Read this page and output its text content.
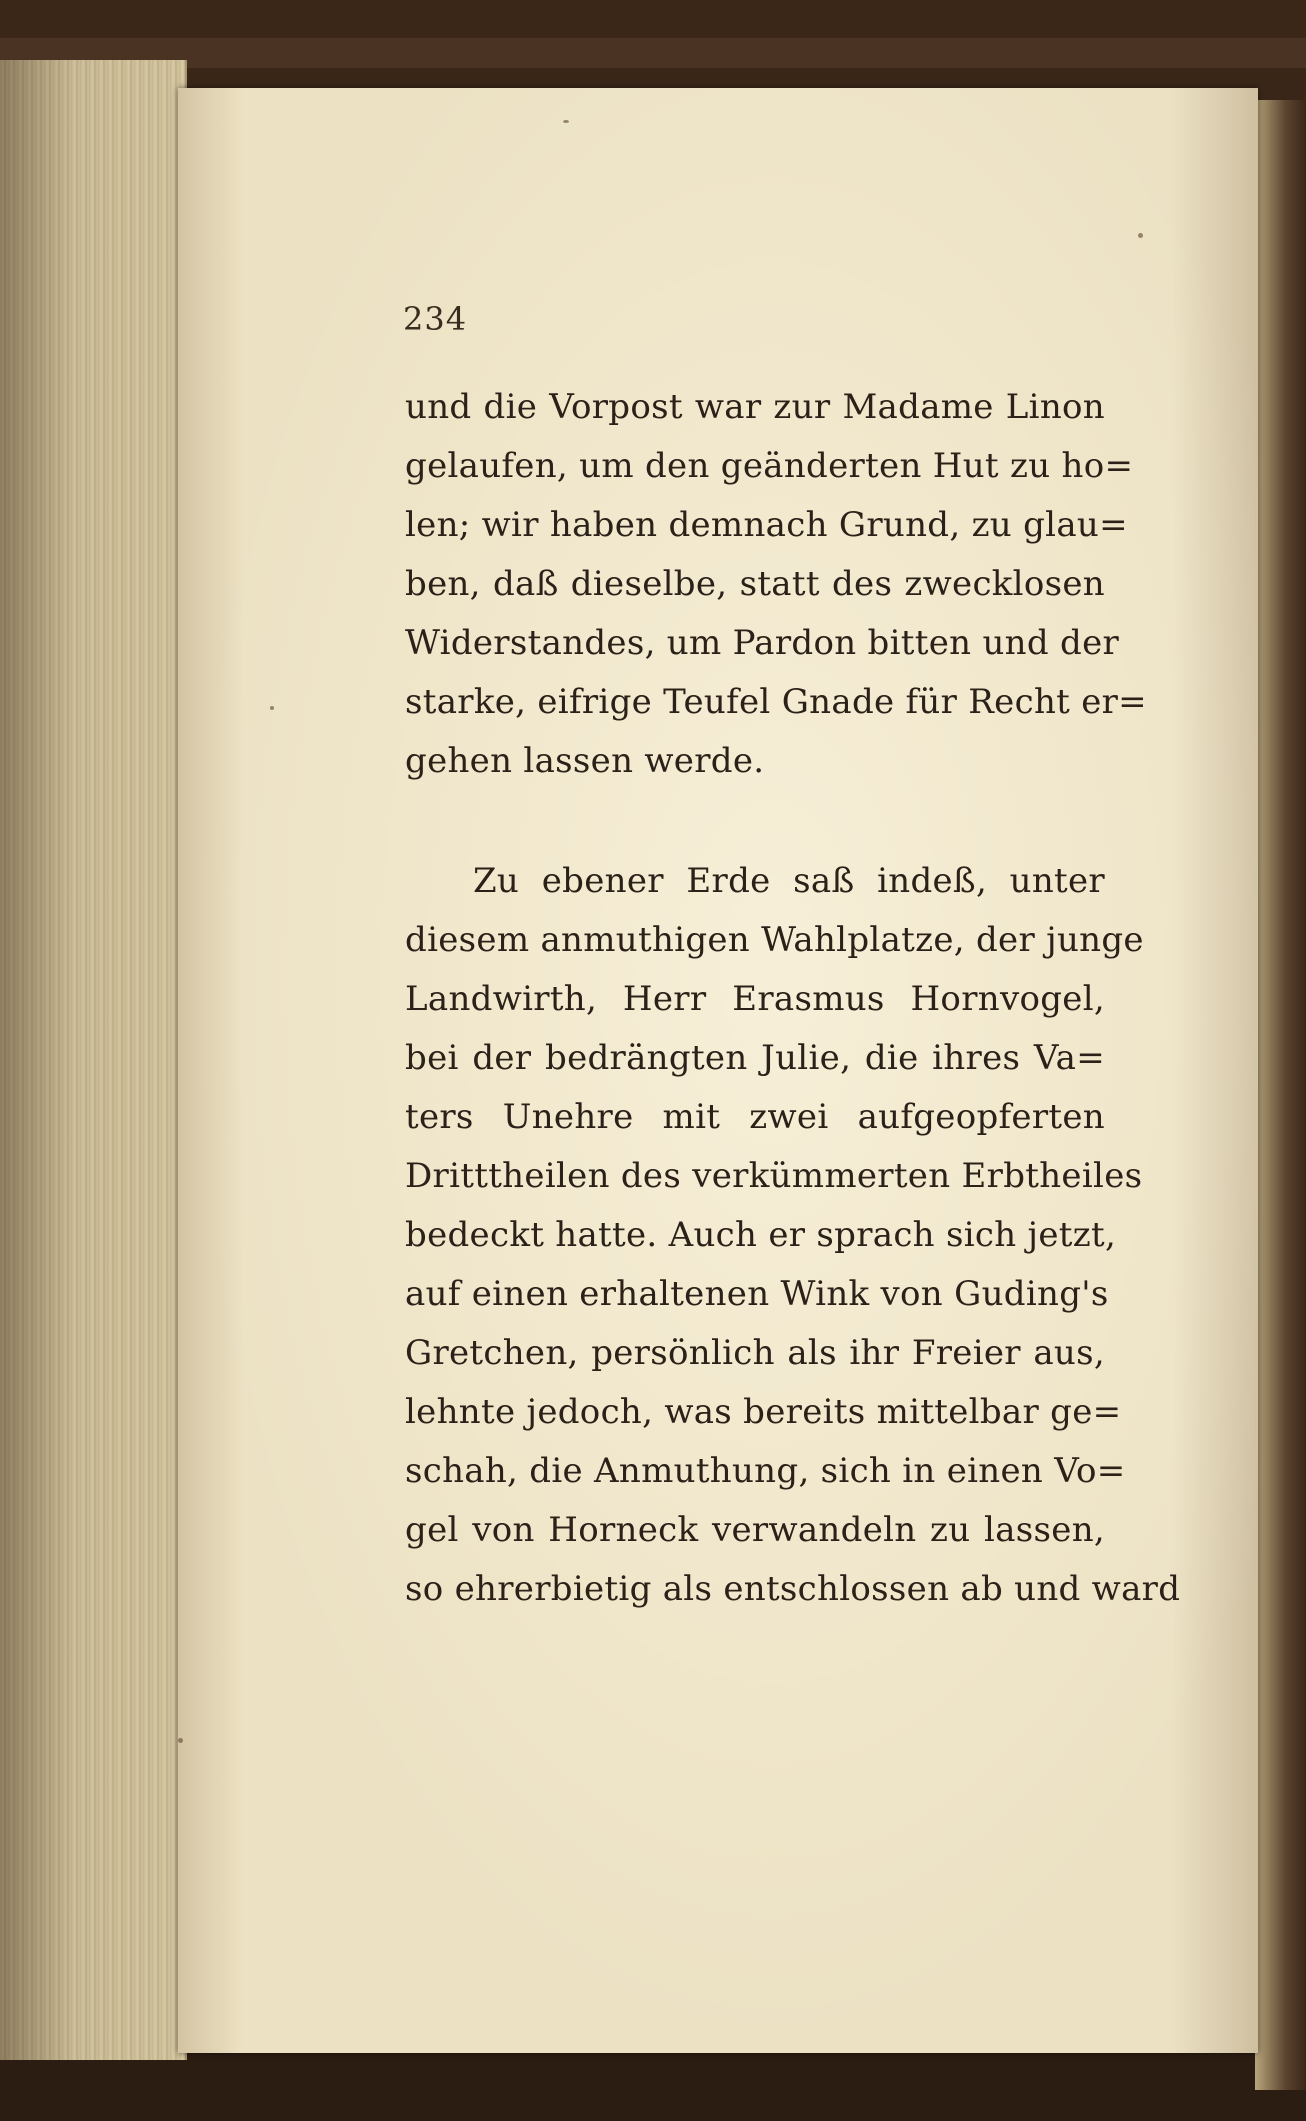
234
und die Vorpost war zur Madame Linon
gelaufen, um den geänderten Hut zu ho=
len; wir haben demnach Grund, zu glau=
ben, daß dieselbe, statt des zwecklosen
Widerstandes, um Pardon bitten und der
starke, eifrige Teufel Gnade für Recht er=
gehen lassen werde.
Zu ebener Erde saß indeß, unter
diesem anmuthigen Wahlplatze, der junge
Landwirth, Herr Erasmus Hornvogel,
bei der bedrängten Julie, die ihres Va=
ters Unehre mit zwei aufgeopferten
Dritttheilen des verkümmerten Erbtheiles
bedeckt hatte. Auch er sprach sich jetzt,
auf einen erhaltenen Wink von Guding's
Gretchen, persönlich als ihr Freier aus,
lehnte jedoch, was bereits mittelbar ge=
schah, die Anmuthung, sich in einen Vo=
gel von Horneck verwandeln zu lassen,
so ehrerbietig als entschlossen ab und ward
